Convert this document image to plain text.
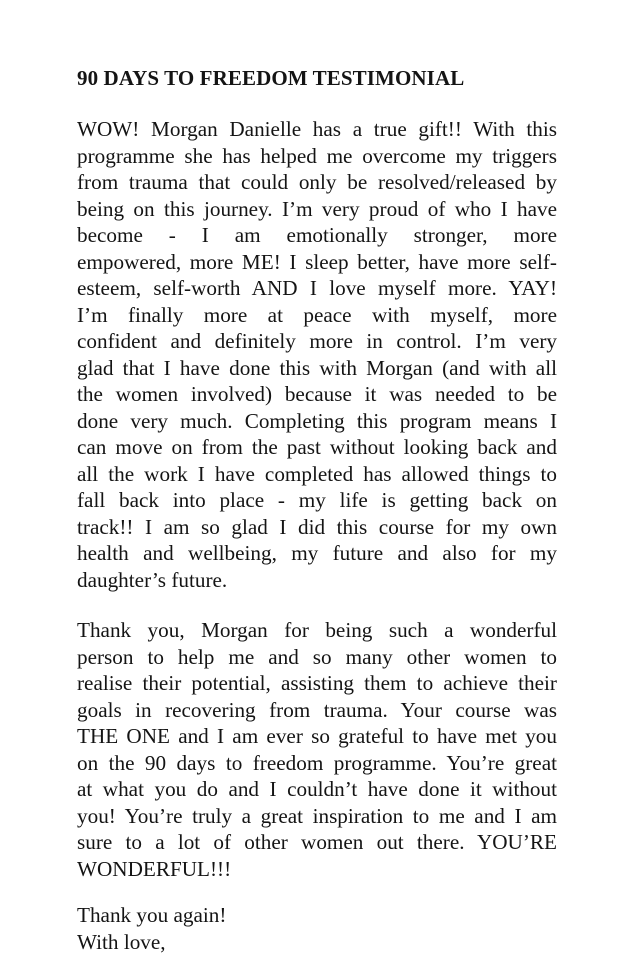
90 DAYS TO FREEDOM TESTIMONIAL
WOW! Morgan Danielle has a true gift!! With this
programme she has helped me overcome my triggers
from trauma that could only be resolved/released by
being on this journey. I’m very proud of who I have
become - I am emotionally stronger, more
empowered, more ME! I sleep better, have more self-
esteem, self-worth AND I love myself more. YAY!
I’m finally more at peace with myself, more
confident and definitely more in control. I’m very
glad that I have done this with Morgan (and with all
the women involved) because it was needed to be
done very much. Completing this program means I
can move on from the past without looking back and
all the work I have completed has allowed things to
fall back into place - my life is getting back on
track!! I am so glad I did this course for my own
health and wellbeing, my future and also for my
daughter’s future.
Thank you, Morgan for being such a wonderful
person to help me and so many other women to
realise their potential, assisting them to achieve their
goals in recovering from trauma. Your course was
THE ONE and I am ever so grateful to have met you
on the 90 days to freedom programme. You’re great
at what you do and I couldn’t have done it without
you! You’re truly a great inspiration to me and I am
sure to a lot of other women out there. YOU’RE
WONDERFUL!!!
Thank you again!
With love,
